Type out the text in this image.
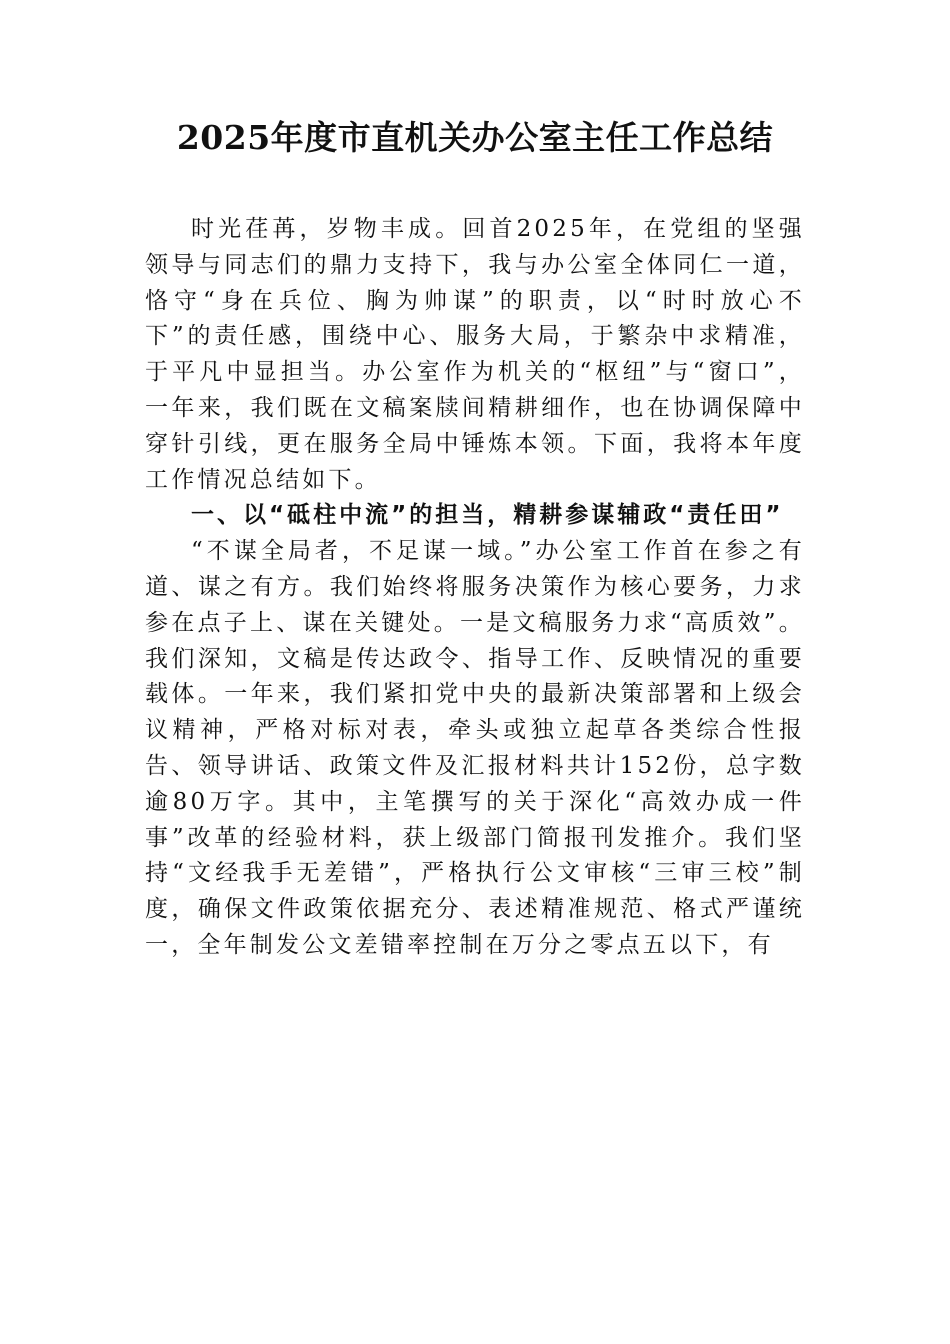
2025年度市直机关办公室主任工作总结

时光荏苒，岁物丰成。回首2025年，在党组的坚强领导与同志们的鼎力支持下，我与办公室全体同仁一道，恪守“身在兵位、胸为帅谋”的职责，以“时时放心不下”的责任感，围绕中心、服务大局，于繁杂中求精准，于平凡中显担当。办公室作为机关的“枢纽”与“窗口”，一年来，我们既在文稿案牍间精耕细作，也在协调保障中穿针引线，更在服务全局中锤炼本领。下面，我将本年度工作情况总结如下。

一、以“砥柱中流”的担当，精耕参谋辅政“责任田”

“不谋全局者，不足谋一域。”办公室工作首在参之有道、谋之有方。我们始终将服务决策作为核心要务，力求参在点子上、谋在关键处。一是文稿服务力求“高质效”。我们深知，文稿是传达政令、指导工作、反映情况的重要载体。一年来，我们紧扣党中央的最新决策部署和上级会议精神，严格对标对表，牵头或独立起草各类综合性报告、领导讲话、政策文件及汇报材料共计152份，总字数逾80万字。其中，主笔撰写的关于深化“高效办成一件事”改革的经验材料，获上级部门简报刊发推介。我们坚持“文经我手无差错”，严格执行公文审核“三审三校”制度，确保文件政策依据充分、表述精准规范、格式严谨统一，全年制发公文差错率控制在万分之零点五以下，有
